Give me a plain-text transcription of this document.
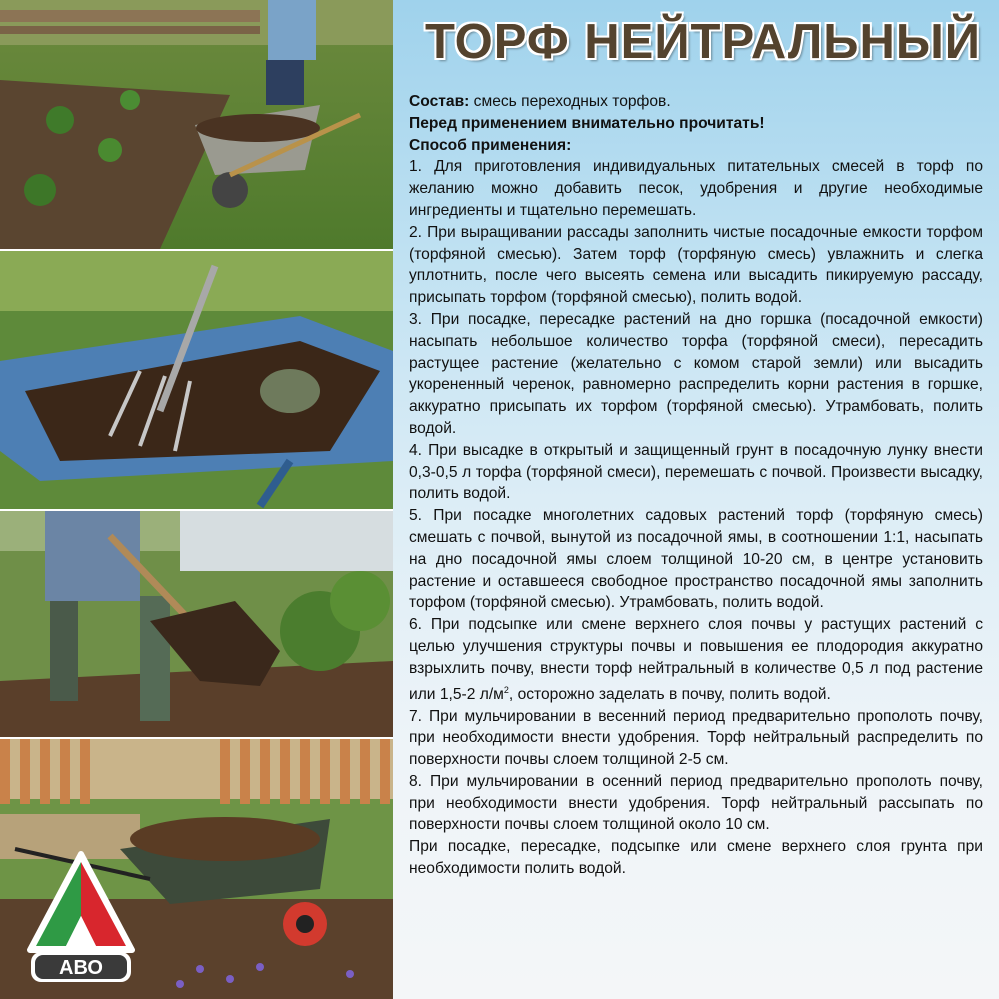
АВО
ТОРФ НЕЙТРАЛЬНЫЙ

Состав: смесь переходных торфов.

Перед применением внимательно прочитать!

Способ применения:

1. Для приготовления индивидуальных питательных смесей в торф по желанию можно добавить песок, удобрения и другие необходимые ингредиенты и тщательно перемешать.

2. При выращивании рассады заполнить чистые посадочные емкости торфом (торфяной смесью). Затем торф (торфяную смесь) увлажнить и слегка уплотнить, после чего высеять семена или высадить пикируемую рассаду, присыпать торфом (торфяной смесью), полить водой.

3. При посадке, пересадке растений на дно горшка (посадочной емкости) насыпать небольшое количество торфа (торфяной смеси), пересадить растущее растение (желательно с комом старой земли) или высадить укорененный черенок, равномерно распределить корни растения в горшке, аккуратно присыпать их торфом (торфяной смесью). Утрамбовать, полить водой.

4. При высадке в открытый и защищенный грунт в посадочную лунку внести 0,3-0,5 л торфа (торфяной смеси), перемешать с почвой. Произвести высадку, полить водой.

5. При посадке многолетних садовых растений торф (торфяную смесь) смешать с почвой, вынутой из посадочной ямы, в соотношении 1:1, насыпать на дно посадочной ямы слоем толщиной 10-20 см, в центре установить растение и оставшееся свободное пространство посадочной ямы заполнить торфом (торфяной смесью). Утрамбовать, полить водой.

6. При подсыпке или смене верхнего слоя почвы у растущих растений с целью улучшения структуры почвы и повышения ее плодородия аккуратно взрыхлить почву, внести торф нейтральный в количестве 0,5 л под растение или 1,5-2 $л/м^2$, осторожно заделать в почву, полить водой.

7. При мульчировании в весенний период предварительно прополоть почву, при необходимости внести удобрения. Торф нейтральный распределить по поверхности почвы слоем толщиной 2-5 см.

8. При мульчировании в осенний период предварительно прополоть почву, при необходимости внести удобрения. Торф нейтральный рассыпать по поверхности почвы слоем толщиной около 10 см.

При посадке, пересадке, подсыпке или смене верхнего слоя грунта при необходимости полить водой.
